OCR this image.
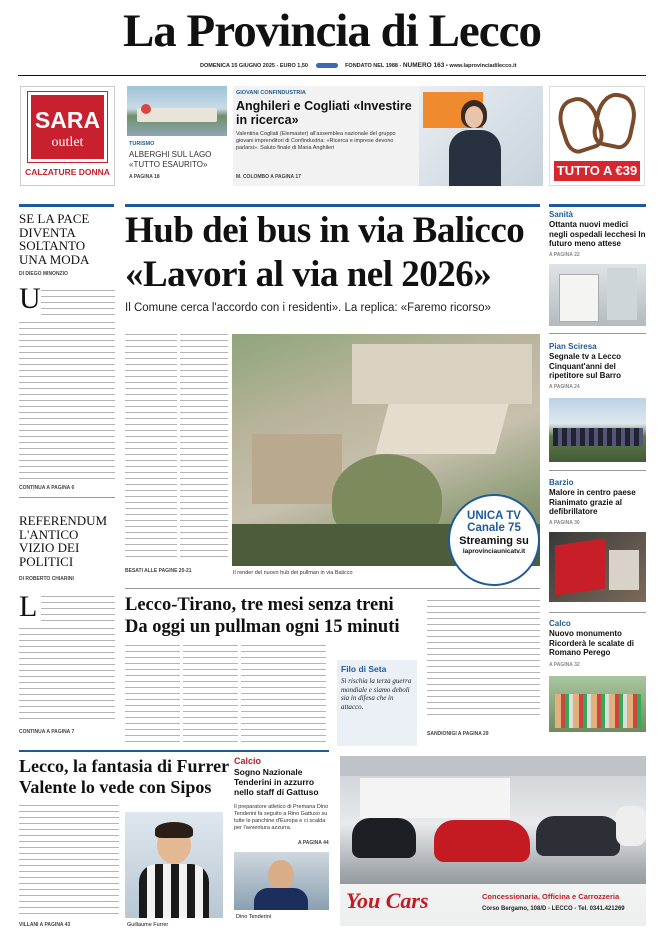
La Provincia di Lecco
DOMENICA 15 GIUGNO 2025 - EURO 1,50	FONDATO NEL 1988 - NUMERO 163 • www.laprovinciadilecco.it
SARA
outlet
CALZATURE DONNA
TURISMO
ALBERGHI SUL LAGO «TUTTO ESAURITO»
A PAGINA 18
GIOVANI CONFINDUSTRIA
Anghileri e Cogliati «Investire in ricerca»
Valentina Cogliati (Elemaster) all'assemblea nazionale del gruppo giovani imprenditori di Confindustria: «Ricerca e imprese devono parlarsi». Saluto finale di Maria Anghileri
M. COLOMBO A PAGINA 17	TUTTO A €39
SE LA PACE DIVENTA SOLTANTO UNA MODA
DI DIEGO MINONZIO
U
CONTINUA A PAGINA 6
REFERENDUM L'ANTICO VIZIO DEI POLITICI
DI ROBERTO CHIARINI
L
CONTINUA A PAGINA 7
Hub dei bus in via Balicco
«Lavori al via nel 2026»
Il Comune cerca l'accordo con i residenti». La replica: «Faremo ricorso»
BESATI ALLE PAGINE 20-21
UNICA TV
Canale 75
Streaming su
laprovinciaunicatv.it
Il render del nuovo hub dei pullman in via Balicco
Lecco-Tirano, tre mesi senza treni
Da oggi un pullman ogni 15 minuti
Filo di Seta
Si rischia la terza guerra mondiale e siamo deboli sia in difesa che in attacco.
SANDIONIGI A PAGINA 29
Sanità
Ottanta nuovi medici negli ospedali lecchesi In futuro meno attese
A PAGINA 22
Pian Sciresa
Segnale tv a Lecco Cinquant'anni del ripetitore sul Barro
A PAGINA 24
Barzio
Malore in centro paese Rianimato grazie al defibrillatore
A PAGINA 30
Calco
Nuovo monumento Ricorderà le scalate di Romano Perego
A PAGINA 32
Lecco, la fantasia di Furrer Valente lo vede con Sipos
VILLANI A PAGINA 43	Guillaume Furrer
Calcio
Sogno Nazionale Tenderini in azzurro nello staff di Gattuso
Il preparatore atletico di Premana Dino Tenderini fa seguito a Rino Gattuso su tutte le panchine d'Europa e ci scalda per l'avventura azzurra.
A PAGINA 44
Dino Tenderini
You Cars	Concessionaria, Officina e Carrozzeria
Corso Bergamo, 108/D - LECCO - Tel. 0341.421269
